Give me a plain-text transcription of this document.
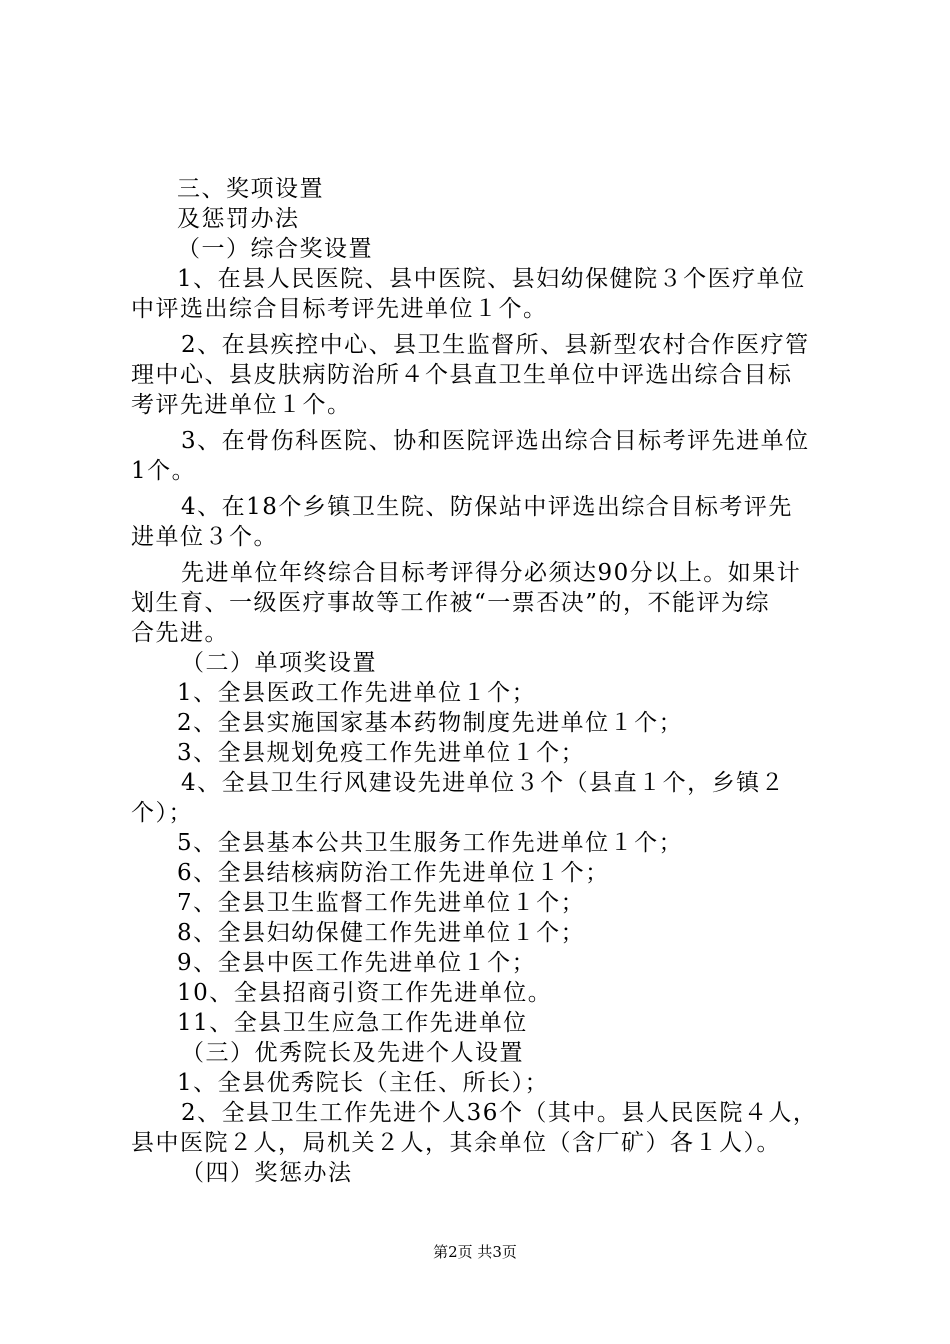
三、奖项设置
及惩罚办法
（一）综合奖设置
1、在县人民医院、县中医院、县妇幼保健院３个医疗单位
中评选出综合目标考评先进单位１个。
2、在县疾控中心、县卫生监督所、县新型农村合作医疗管
理中心、县皮肤病防治所４个县直卫生单位中评选出综合目标
考评先进单位１个。
3、在骨伤科医院、协和医院评选出综合目标考评先进单位
1个。
4、在18个乡镇卫生院、防保站中评选出综合目标考评先
进单位３个。
先进单位年终综合目标考评得分必须达90分以上。如果计
划生育、一级医疗事故等工作被“一票否决”的，不能评为综
合先进。
（二）单项奖设置
1、全县医政工作先进单位１个；
2、全县实施国家基本药物制度先进单位１个；
3、全县规划免疫工作先进单位１个；
4、全县卫生行风建设先进单位３个（县直１个，乡镇２
个）；
5、全县基本公共卫生服务工作先进单位１个；
6、全县结核病防治工作先进单位１个；
7、全县卫生监督工作先进单位１个；
8、全县妇幼保健工作先进单位１个；
9、全县中医工作先进单位１个；
10、全县招商引资工作先进单位。
11、全县卫生应急工作先进单位
（三）优秀院长及先进个人设置
1、全县优秀院长（主任、所长）；
2、全县卫生工作先进个人36个（其中。县人民医院４人，
县中医院２人，局机关２人，其余单位（含厂矿）各１人）。
（四）奖惩办法
第2页 共3页
